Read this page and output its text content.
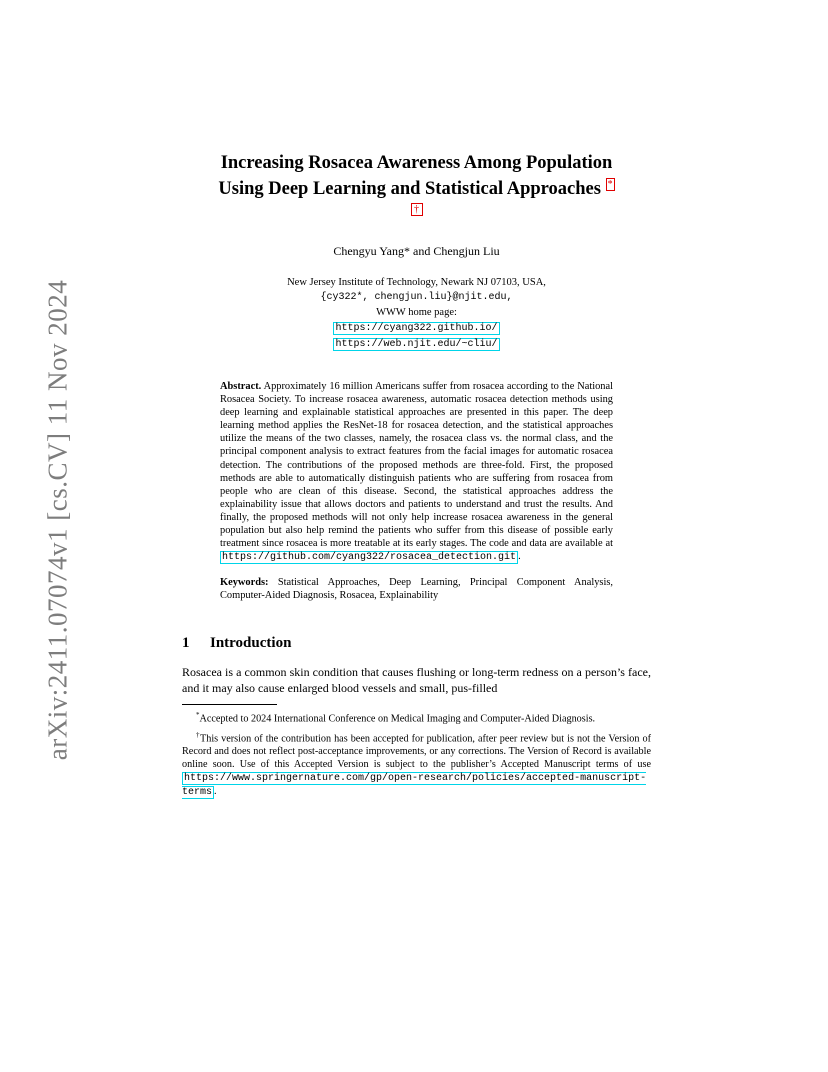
arXiv:2411.07074v1 [cs.CV] 11 Nov 2024
Increasing Rosacea Awareness Among Population
Using Deep Learning and Statistical Approaches *
†
Chengyu Yang* and Chengjun Liu
New Jersey Institute of Technology, Newark NJ 07103, USA,
{cy322*, chengjun.liu}@njit.edu,
WWW home page:
https://cyang322.github.io/
https://web.njit.edu/~cliu/
Abstract. Approximately 16 million Americans suffer from rosacea according to the National Rosacea Society. To increase rosacea awareness, automatic rosacea detection methods using deep learning and explainable statistical approaches are presented in this paper. The deep learning method applies the ResNet-18 for rosacea detection, and the statistical approaches utilize the means of the two classes, namely, the rosacea class vs. the normal class, and the principal component analysis to extract features from the facial images for automatic rosacea detection. The contributions of the proposed methods are three-fold. First, the proposed methods are able to automatically distinguish patients who are suffering from rosacea from people who are clean of this disease. Second, the statistical approaches address the explainability issue that allows doctors and patients to understand and trust the results. And finally, the proposed methods will not only help increase rosacea awareness in the general population but also help remind the patients who suffer from this disease of possible early treatment since rosacea is more treatable at its early stages. The code and data are available at https://github.com/cyang322/rosacea_detection.git .
Keywords: Statistical Approaches, Deep Learning, Principal Component Analysis, Computer-Aided Diagnosis, Rosacea, Explainability
1 Introduction
Rosacea is a common skin condition that causes flushing or long-term redness on a person’s face, and it may also cause enlarged blood vessels and small, pus-filled
*Accepted to 2024 International Conference on Medical Imaging and Computer-Aided Diagnosis.
†This version of the contribution has been accepted for publication, after peer review but is not the Version of Record and does not reflect post-acceptance improvements, or any corrections. The Version of Record is available online soon. Use of this Accepted Version is subject to the publisher’s Accepted Manuscript terms of use https://www.springernature.com/gp/open-research/policies/accepted-manuscript-terms .
